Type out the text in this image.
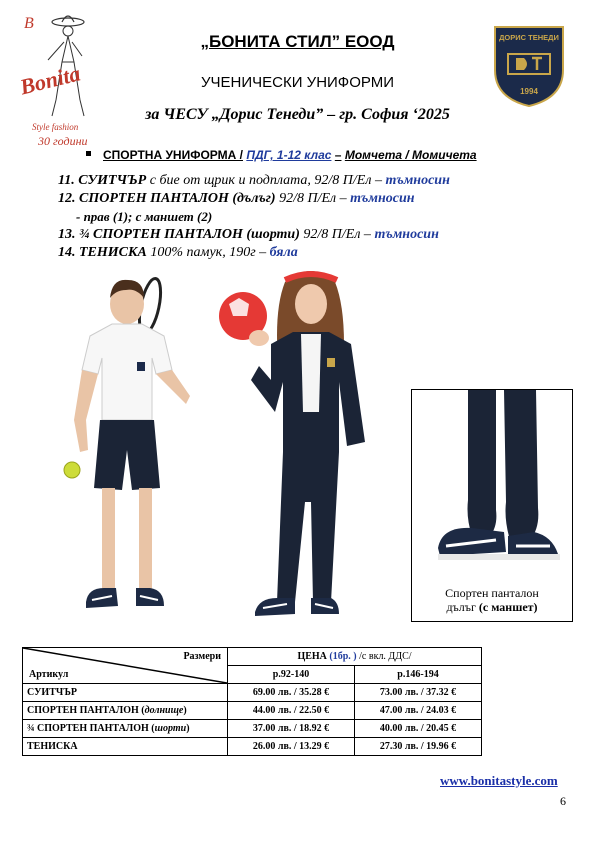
B
Bonita
Style fashion
30 години
„БОНИТА СТИЛ” ЕООД
УЧЕНИЧЕСКИ УНИФОРМИ
за ЧЕСУ „Дорис Тенеди” – гр. София ‘2025
ДОРИС ТЕНЕДИ
1994
СПОРТНА УНИФОРМА / ПДГ, 1-12 клас – Момчета / Момичета
11. СУИТЧЪР с бие от щрик и подплата, 92/8 П/Ел – тъмносин
12. СПОРТЕН ПАНТАЛОН (дълъг) 92/8 П/Ел – тъмносин
- прав (1); с маншет (2)
13. ¾ СПОРТЕН ПАНТАЛОН (шорти) 92/8 П/Ел – тъмносин
14. ТЕНИСКА 100% памук, 190г – бяла
Спортен панталон
дълъг (с маншет)
Размери
Артикул	ЦЕНА (1бр. ) /с вкл. ДДС/	
	р.92-140	р.146-194
СУИТЧЪР	69.00 лв. / 35.28 €	73.00 лв. / 37.32 €
СПОРТЕН ПАНТАЛОН (долнище)	44.00 лв. / 22.50 €	47.00 лв. / 24.03 €
¾ СПОРТЕН ПАНТАЛОН (шорти)	37.00 лв. / 18.92 €	40.00 лв. / 20.45 €
ТЕНИСКА	26.00 лв. / 13.29 €	27.30 лв. / 19.96 €
www.bonitastyle.com
6
